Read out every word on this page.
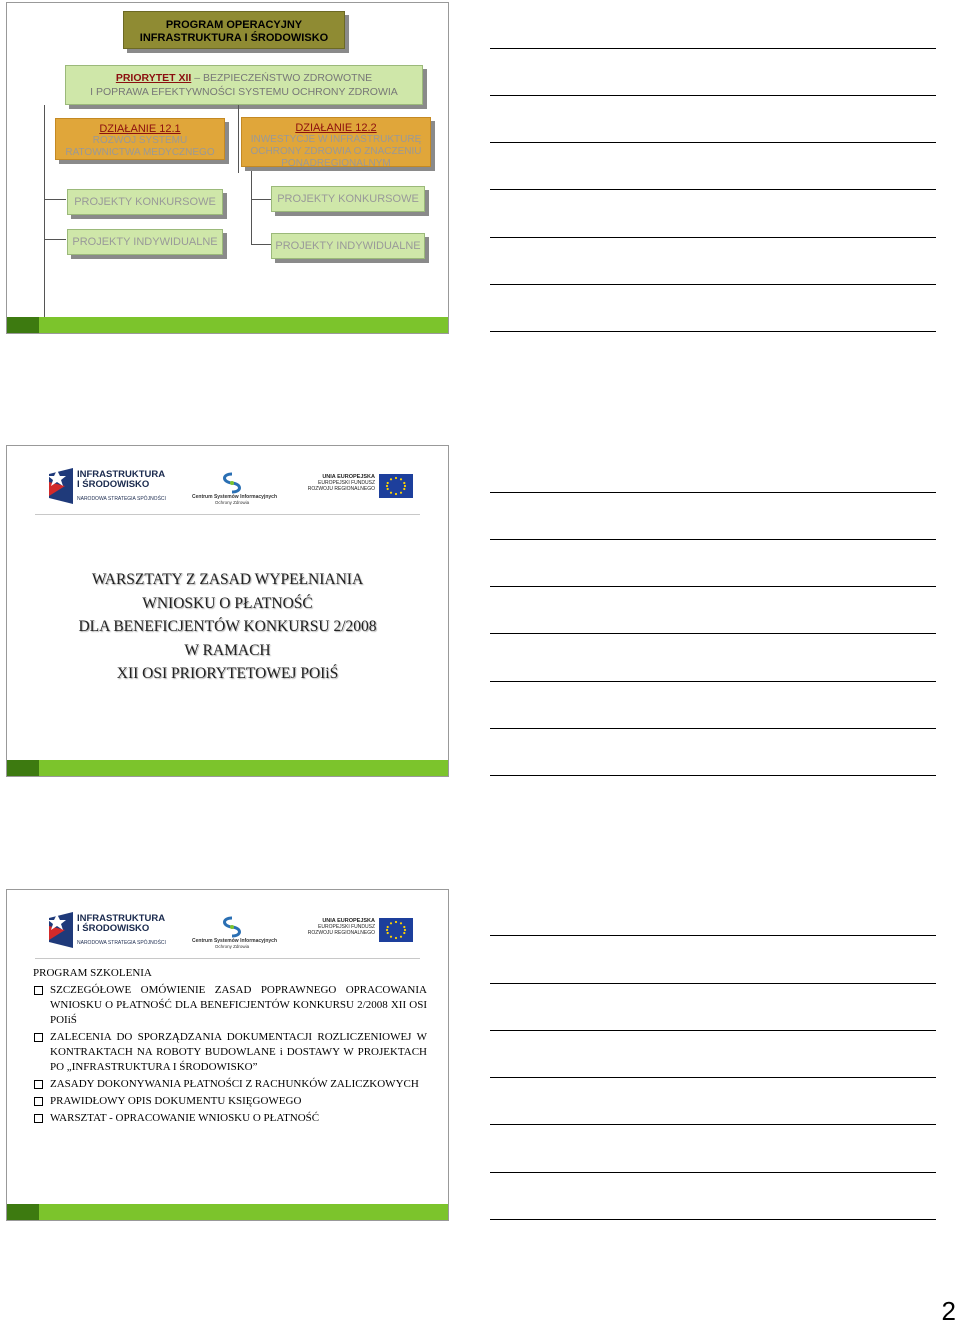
PROGRAM OPERACYJNY
INFRASTRUKTURA I ŚRODOWISKO
PRIORYTET XII – BEZPIECZEŃSTWO ZDROWOTNE
I POPRAWA EFEKTYWNOŚCI SYSTEMU OCHRONY ZDROWIA
DZIAŁANIE 12.1
ROZWÓJ SYSTEMU
RATOWNICTWA MEDYCZNEGO
DZIAŁANIE 12.2
INWESTYCJE W INFRASTRUKTURĘ
OCHRONY ZDROWIA O ZNACZENIU
PONADREGIONALNYM
PROJEKTY KONKURSOWE	PROJEKTY KONKURSOWE
PROJEKTY INDYWIDUALNE	PROJEKTY INDYWIDUALNE
INFRASTRUKTURA
I ŚRODOWISKO
NARODOWA STRATEGIA SPÓJNOŚCI	Centrum Systemów Informacyjnych
Ochrony Zdrowia
UNIA EUROPEJSKA
EUROPEJSKI FUNDUSZ
ROZWOJU REGIONALNEGO
WARSZTATY Z ZASAD WYPEŁNIANIA
WNIOSKU O PŁATNOŚĆ
DLA BENEFICJENTÓW KONKURSU 2/2008
W RAMACH
XII OSI PRIORYTETOWEJ POIiŚ
INFRASTRUKTURA
I ŚRODOWISKO
NARODOWA STRATEGIA SPÓJNOŚCI	Centrum Systemów Informacyjnych
Ochrony Zdrowia
UNIA EUROPEJSKA
EUROPEJSKI FUNDUSZ
ROZWOJU REGIONALNEGO
PROGRAM SZKOLENIA
SZCZEGÓŁOWE OMÓWIENIE ZASAD POPRAWNEGO OPRACOWANIA WNIOSKU O PŁATNOŚĆ DLA BENEFICJENTÓW KONKURSU 2/2008 XII OSI POIiŚ
ZALECENIA DO SPORZĄDZANIA DOKUMENTACJI ROZLICZENIOWEJ W KONTRAKTACH NA ROBOTY BUDOWLANE i DOSTAWY W PROJEKTACH PO „INFRASTRUKTURA I ŚRODOWISKO”
ZASADY DOKONYWANIA PŁATNOŚCI Z RACHUNKÓW ZALICZKOWYCH
PRAWIDŁOWY OPIS DOKUMENTU KSIĘGOWEGO
WARSZTAT - OPRACOWANIE WNIOSKU O PŁATNOŚĆ
2
